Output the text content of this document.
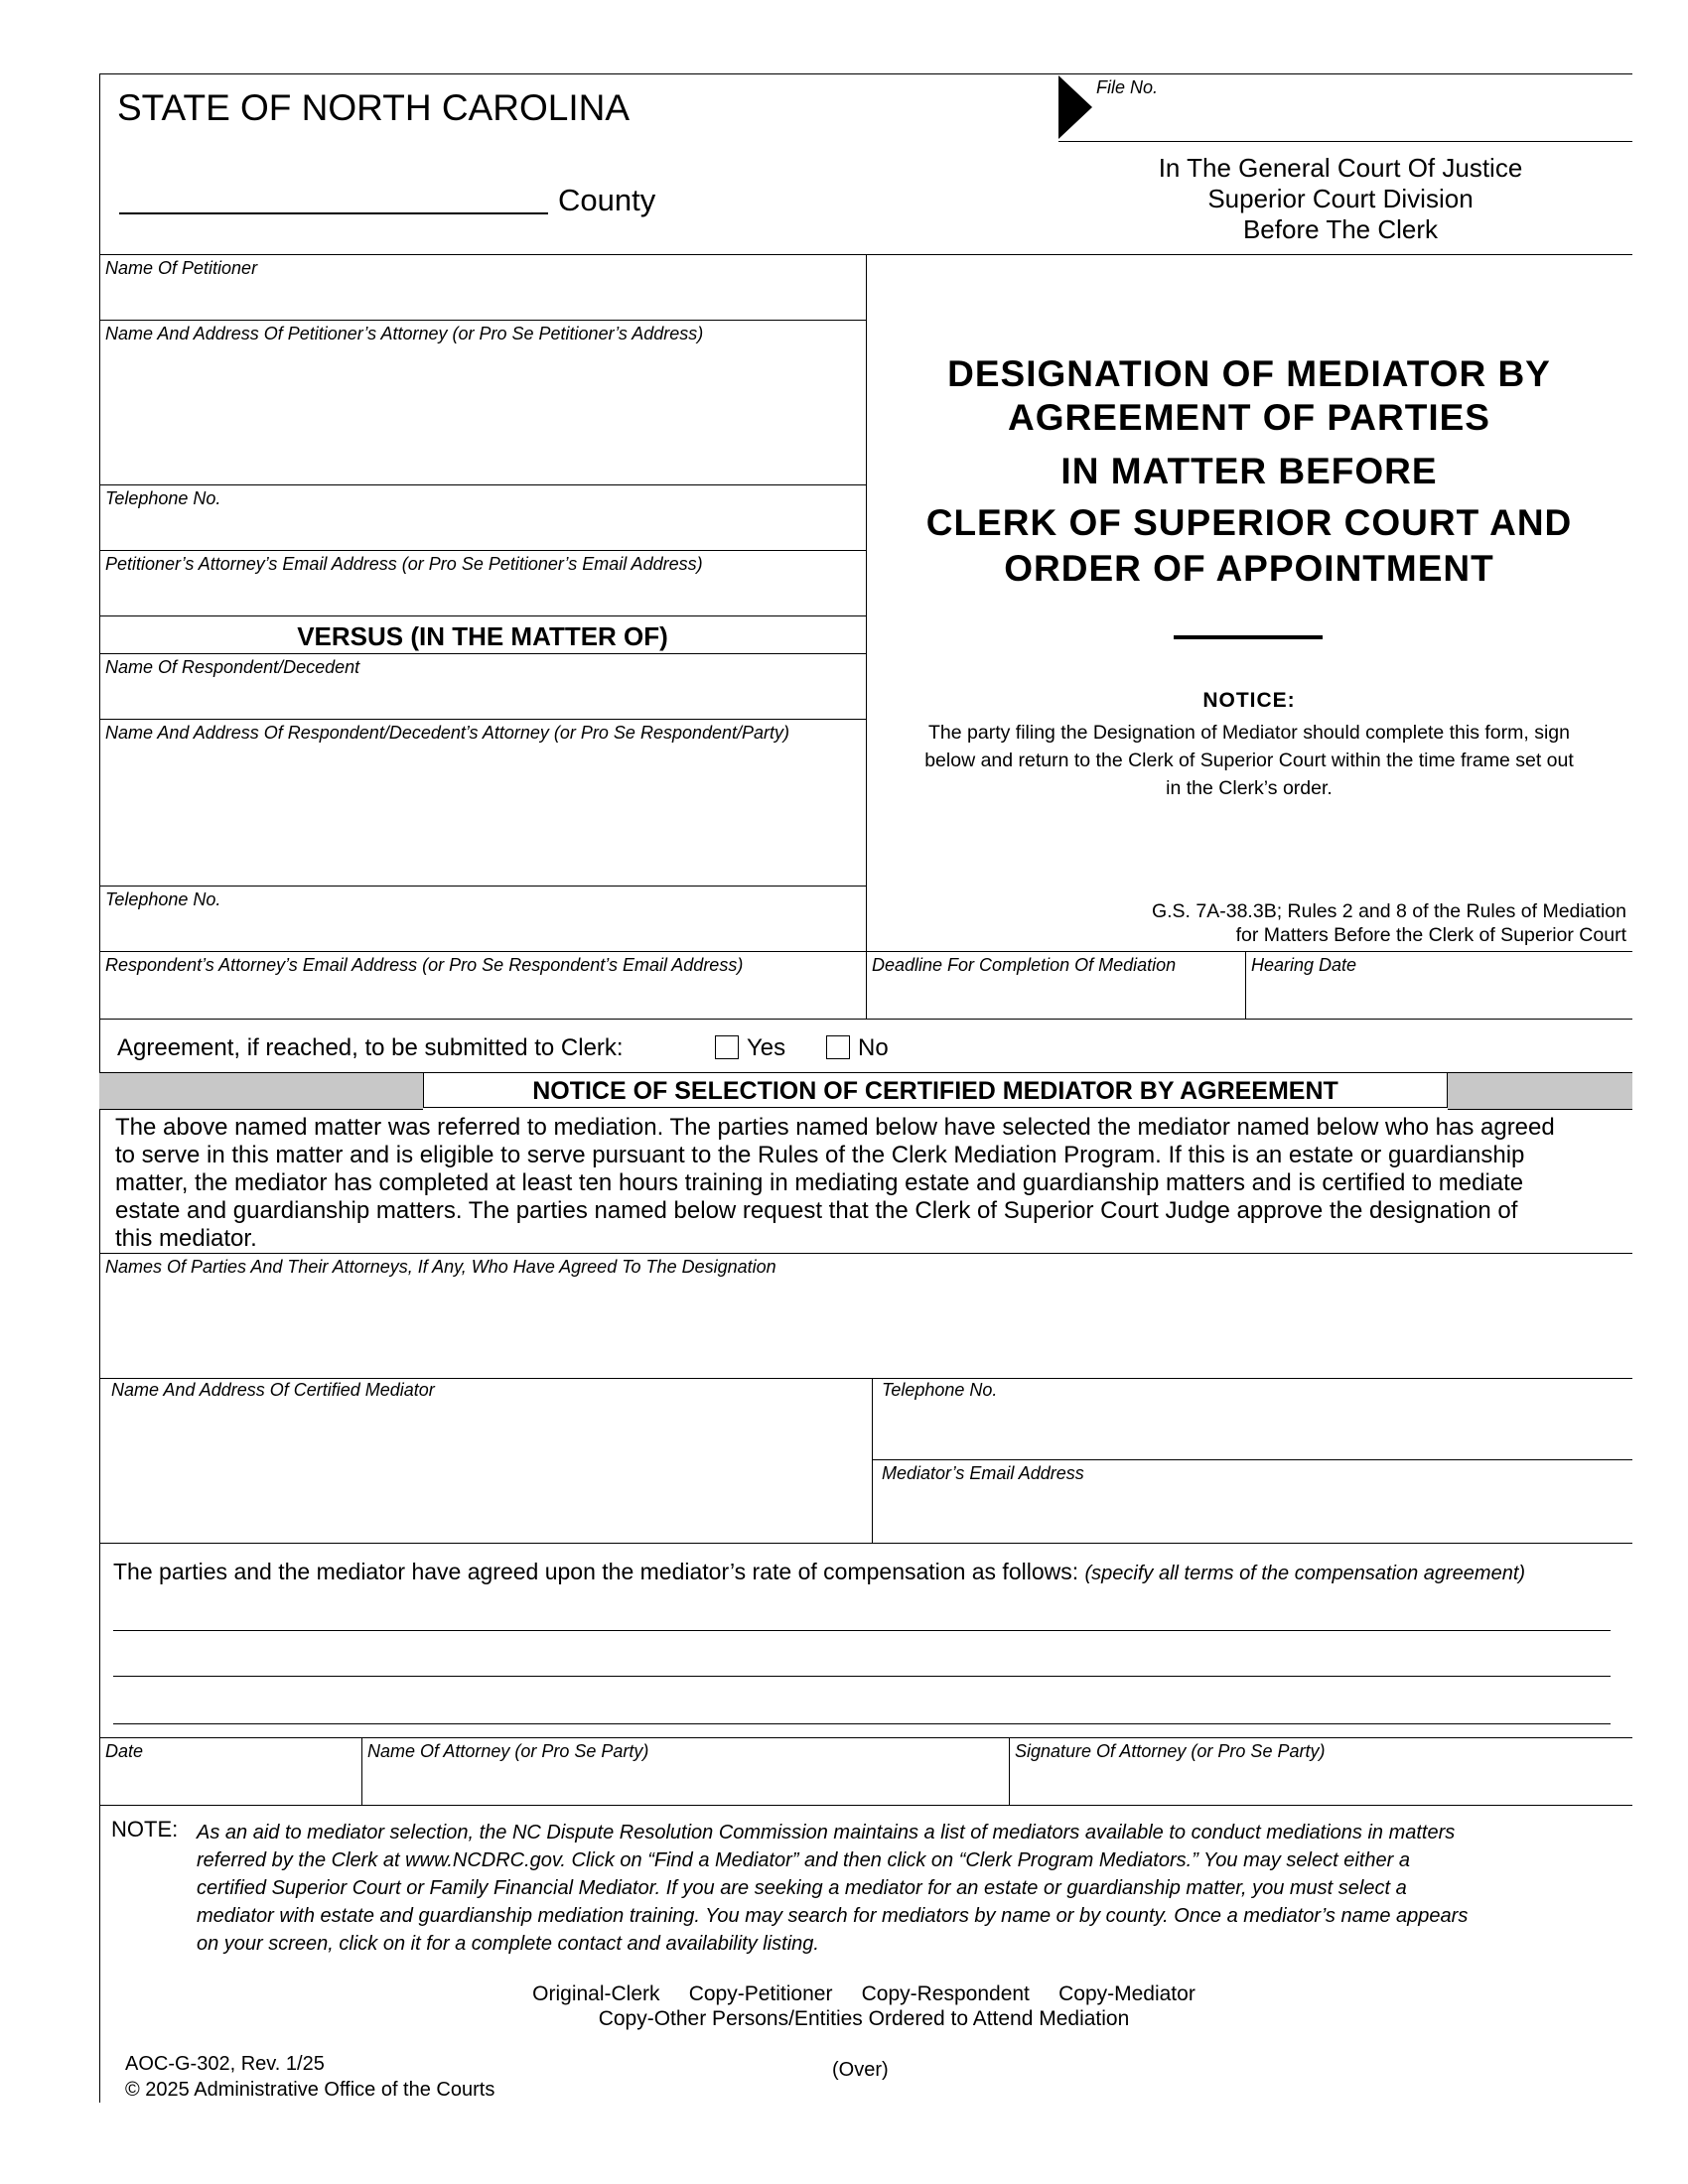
STATE OF NORTH CAROLINA
County
File No.
In The General Court Of Justice
Superior Court Division
Before The Clerk
Name Of Petitioner
Name And Address Of Petitioner’s Attorney (or Pro Se Petitioner’s Address)
Telephone No.
Petitioner’s Attorney’s Email Address (or Pro Se Petitioner’s Email Address)
VERSUS (IN THE MATTER OF)
Name Of Respondent/Decedent
Name And Address Of Respondent/Decedent’s Attorney (or Pro Se Respondent/Party)
Telephone No.
Respondent’s Attorney’s Email Address (or Pro Se Respondent’s Email Address)
DESIGNATION OF MEDIATOR BY
AGREEMENT OF PARTIES
IN MATTER BEFORE
CLERK OF SUPERIOR COURT AND
ORDER OF APPOINTMENT
NOTICE:
The party filing the Designation of Mediator should complete this form, sign
below and return to the Clerk of Superior Court within the time frame set out
in the Clerk’s order.
G.S. 7A-38.3B; Rules 2 and 8 of the Rules of Mediation
for Matters Before the Clerk of Superior Court
Deadline For Completion Of Mediation	Hearing Date
Agreement, if reached, to be submitted to Clerk:	Yes	No
NOTICE OF SELECTION OF CERTIFIED MEDIATOR BY AGREEMENT
The above named matter was referred to mediation. The parties named below have selected the mediator named below who has agreed
to serve in this matter and is eligible to serve pursuant to the Rules of the Clerk Mediation Program. If this is an estate or guardianship
matter, the mediator has completed at least ten hours training in mediating estate and guardianship matters and is certified to mediate
estate and guardianship matters. The parties named below request that the Clerk of Superior Court Judge approve the designation of
this mediator.
Names Of Parties And Their Attorneys, If Any, Who Have Agreed To The Designation
Name And Address Of Certified Mediator	Telephone No.
Mediator’s Email Address
The parties and the mediator have agreed upon the mediator’s rate of compensation as follows: (specify all terms of the compensation agreement)
Date	Name Of Attorney (or Pro Se Party)	Signature Of Attorney (or Pro Se Party)
NOTE: As an aid to mediator selection, the NC Dispute Resolution Commission maintains a list of mediators available to conduct mediations in matters
referred by the Clerk at www.NCDRC.gov. Click on “Find a Mediator” and then click on “Clerk Program Mediators.” You may select either a
certified Superior Court or Family Financial Mediator. If you are seeking a mediator for an estate or guardianship matter, you must select a
mediator with estate and guardianship mediation training. You may search for mediators by name or by county. Once a mediator’s name appears
on your screen, click on it for a complete contact and availability listing.
Original-Clerk Copy-Petitioner Copy-Respondent Copy-Mediator
Copy-Other Persons/Entities Ordered to Attend Mediation
AOC-G-302, Rev. 1/25
© 2025 Administrative Office of the Courts
(Over)
